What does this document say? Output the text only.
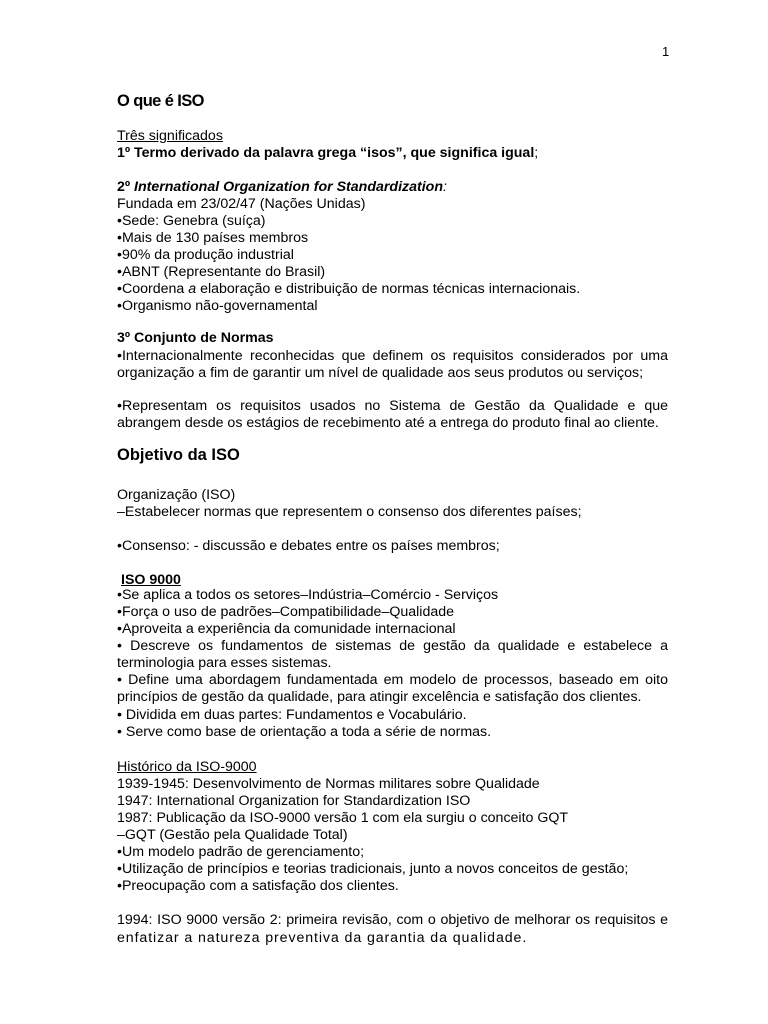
1
O que é ISO
Três significados
1º Termo derivado da palavra grega “isos”, que significa igual;
2º International Organization for Standardization:
Fundada em 23/02/47 (Nações Unidas)
•Sede: Genebra (suíça)
•Mais de 130 países membros
•90% da produção industrial
•ABNT (Representante do Brasil)
•Coordena a elaboração e distribuição de normas técnicas internacionais.
•Organismo não-governamental
3º Conjunto de Normas
•Internacionalmente reconhecidas que definem os requisitos considerados por uma
organização a fim de garantir um nível de qualidade aos seus produtos ou serviços;
•Representam os requisitos usados no Sistema de Gestão da Qualidade e que
abrangem desde os estágios de recebimento até a entrega do produto final ao cliente.
Objetivo da ISO
Organização (ISO)
–Estabelecer normas que representem o consenso dos diferentes países;
•Consenso: - discussão e debates entre os países membros;
ISO 9000
•Se aplica a todos os setores–Indústria–Comércio - Serviços
•Força o uso de padrões–Compatibilidade–Qualidade
•Aproveita a experiência da comunidade internacional
• Descreve os fundamentos de sistemas de gestão da qualidade e estabelece a
terminologia para esses sistemas.
• Define uma abordagem fundamentada em modelo de processos, baseado em oito
princípios de gestão da qualidade, para atingir excelência e satisfação dos clientes.
• Dividida em duas partes: Fundamentos e Vocabulário.
• Serve como base de orientação a toda a série de normas.
Histórico da ISO-9000
1939-1945: Desenvolvimento de Normas militares sobre Qualidade
1947: International Organization for Standardization ISO
1987: Publicação da ISO-9000 versão 1 com ela surgiu o conceito GQT
–GQT (Gestão pela Qualidade Total)
•Um modelo padrão de gerenciamento;
•Utilização de princípios e teorias tradicionais, junto a novos conceitos de gestão;
•Preocupação com a satisfação dos clientes.
1994: ISO 9000 versão 2: primeira revisão, com o objetivo de melhorar os requisitos e
enfatizar a natureza preventiva da garantia da qualidade.
